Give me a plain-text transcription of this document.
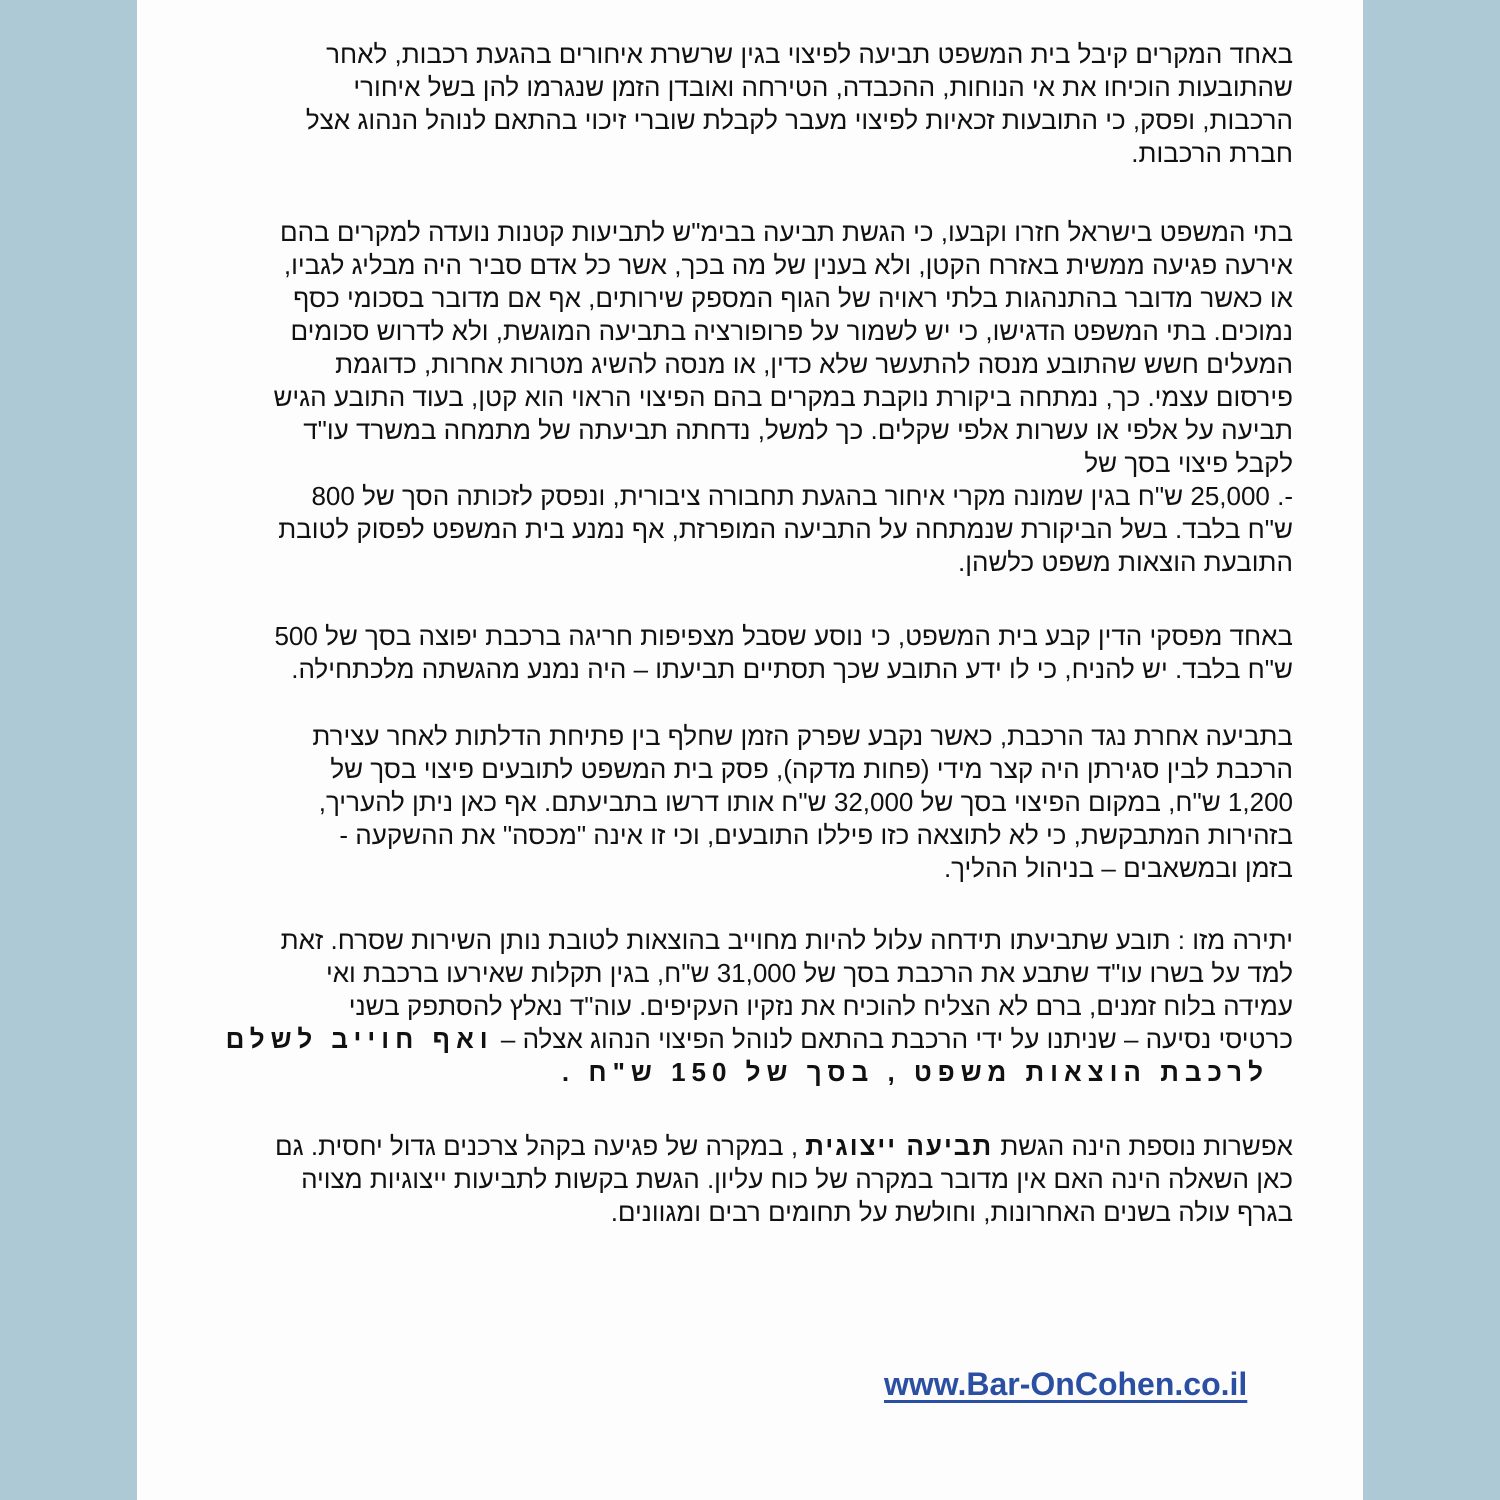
באחד המקרים קיבל בית המשפט תביעה לפיצוי בגין שרשרת איחורים בהגעת רכבות, לאחר
שהתובעות הוכיחו את אי הנוחות, ההכבדה, הטירחה ואובדן הזמן שנגרמו להן בשל איחורי
הרכבות, ופסק, כי התובעות זכאיות לפיצוי מעבר לקבלת שוברי זיכוי בהתאם לנוהל הנהוג אצל
חברת הרכבות.
בתי המשפט בישראל חזרו וקבעו, כי הגשת תביעה בבימ"ש לתביעות קטנות נועדה למקרים בהם
אירעה פגיעה ממשית באזרח הקטן, ולא בענין של מה בכך, אשר כל אדם סביר היה מבליג לגביו,
או כאשר מדובר בהתנהגות בלתי ראויה של הגוף המספק שירותים, אף אם מדובר בסכומי כסף
נמוכים. בתי המשפט הדגישו, כי יש לשמור על פרופורציה בתביעה המוגשת, ולא לדרוש סכומים
המעלים חשש שהתובע מנסה להתעשר שלא כדין, או מנסה להשיג מטרות אחרות, כדוגמת
פירסום עצמי. כך, נמתחה ביקורת נוקבת במקרים בהם הפיצוי הראוי הוא קטן, בעוד התובע הגיש
תביעה על אלפי או עשרות אלפי שקלים. כך למשל, נדחתה תביעתה של מתמחה במשרד עו"ד
לקבל פיצוי בסך של
-. 25,000 ש"ח בגין שמונה מקרי איחור בהגעת תחבורה ציבורית, ונפסק לזכותה הסך של 800
ש"ח בלבד. בשל הביקורת שנמתחה על התביעה המופרזת, אף נמנע בית המשפט לפסוק לטובת
התובעת הוצאות משפט כלשהן.
באחד מפסקי הדין קבע בית המשפט, כי נוסע שסבל מצפיפות חריגה ברכבת יפוצה בסך של 500
ש"ח בלבד. יש להניח, כי לו ידע התובע שכך תסתיים תביעתו – היה נמנע מהגשתה מלכתחילה.
בתביעה אחרת נגד הרכבת, כאשר נקבע שפרק הזמן שחלף בין פתיחת הדלתות לאחר עצירת
הרכבת לבין סגירתן היה קצר מידי (פחות מדקה), פסק בית המשפט לתובעים פיצוי בסך של
1,200 ש"ח, במקום הפיצוי בסך של 32,000 ש"ח אותו דרשו בתביעתם. אף כאן ניתן להעריך,
בזהירות המתבקשת, כי לא לתוצאה כזו פיללו התובעים, וכי זו אינה "מכסה" את ההשקעה -
בזמן ובמשאבים – בניהול ההליך.
יתירה מזו : תובע שתביעתו תידחה עלול להיות מחוייב בהוצאות לטובת נותן השירות שסרח. זאת
למד על בשרו עו"ד שתבע את הרכבת בסך של 31,000 ש"ח, בגין תקלות שאירעו ברכבת ואי
עמידה בלוח זמנים, ברם לא הצליח להוכיח את נזקיו העקיפים. עוה"ד נאלץ להסתפק בשני
כרטיסי נסיעה – שניתנו על ידי הרכבת בהתאם לנוהל הפיצוי הנהוג אצלה – ואף חוייב לשלם
לרכבת הוצאות משפט , בסך של 150 ש"ח .
אפשרות נוספת הינה הגשת תביעה ייצוגית , במקרה של פגיעה בקהל צרכנים גדול יחסית. גם
כאן השאלה הינה האם אין מדובר במקרה של כוח עליון. הגשת בקשות לתביעות ייצוגיות מצויה
בגרף עולה בשנים האחרונות, וחולשת על תחומים רבים ומגוונים.
www.Bar-OnCohen.co.il
